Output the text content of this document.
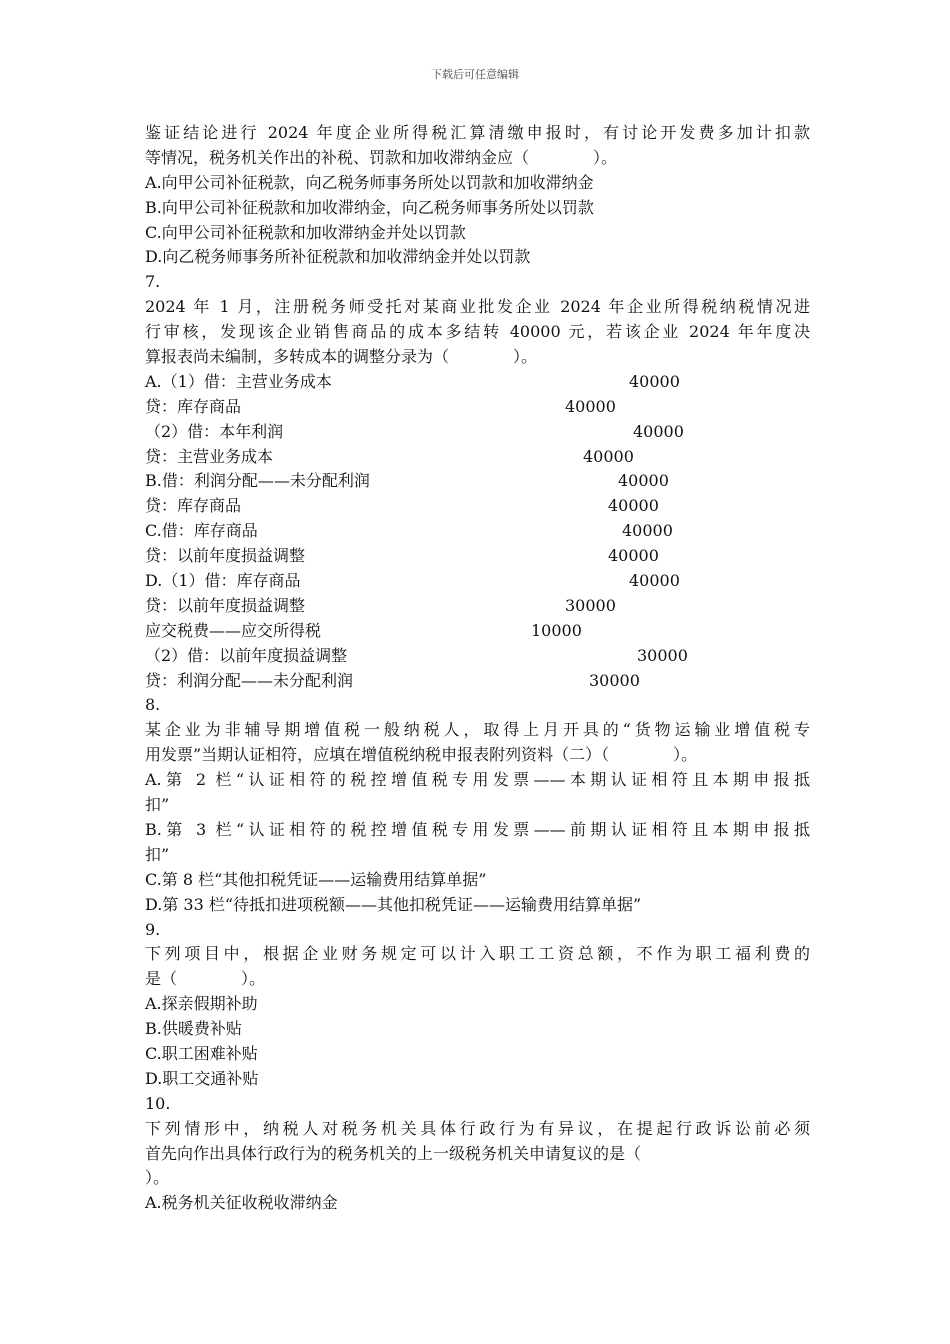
下载后可任意编辑
鉴证结论进行 2024 年度企业所得税汇算清缴申报时，有讨论开发费多加计扣款
等情况，税务机关作出的补税、罚款和加收滞纳金应（　　　　）。
A.向甲公司补征税款，向乙税务师事务所处以罚款和加收滞纳金
B.向甲公司补征税款和加收滞纳金，向乙税务师事务所处以罚款
C.向甲公司补征税款和加收滞纳金并处以罚款
D.向乙税务师事务所补征税款和加收滞纳金并处以罚款
7.
2024 年 1 月，注册税务师受托对某商业批发企业 2024 年企业所得税纳税情况进
行审核，发现该企业销售商品的成本多结转 40000 元，若该企业 2024 年年度决
算报表尚未编制，多转成本的调整分录为（　　　　）。
A.（1）借：主营业务成本	40000
贷：库存商品	40000
（2）借：本年利润	40000
贷：主营业务成本	40000
B.借：利润分配——未分配利润	40000
贷：库存商品	40000
C.借：库存商品	40000
贷：以前年度损益调整	40000
D.（1）借：库存商品	40000
贷：以前年度损益调整	30000
应交税费——应交所得税	10000
（2）借：以前年度损益调整	30000
贷：利润分配——未分配利润	30000
8.
某企业为非辅导期增值税一般纳税人，取得上月开具的“货物运输业增值税专
用发票”当期认证相符，应填在增值税纳税申报表附列资料（二）（　　　　）。
A.第 2 栏“认证相符的税控增值税专用发票——本期认证相符且本期申报抵
扣”
B.第 3 栏“认证相符的税控增值税专用发票——前期认证相符且本期申报抵
扣”
C.第 8 栏“其他扣税凭证——运输费用结算单据”
D.第 33 栏“待抵扣进项税额——其他扣税凭证——运输费用结算单据”
9.
下列项目中，根据企业财务规定可以计入职工工资总额，不作为职工福利费的
是（　　　　）。
A.探亲假期补助
B.供暖费补贴
C.职工困难补贴
D.职工交通补贴
10.
下列情形中，纳税人对税务机关具体行政行为有异议，在提起行政诉讼前必须
首先向作出具体行政行为的税务机关的上一级税务机关申请复议的是（
）。
A.税务机关征收税收滞纳金
